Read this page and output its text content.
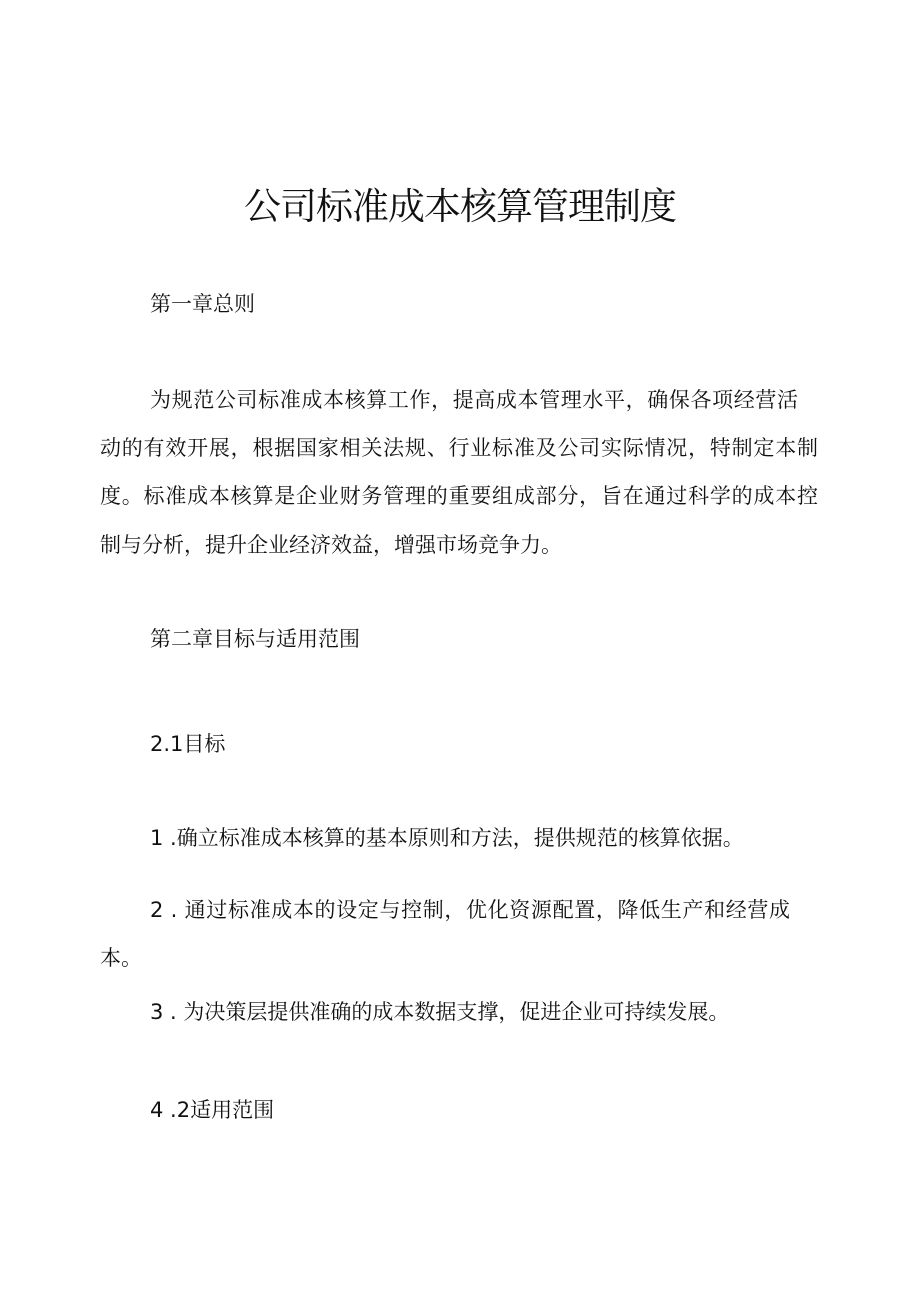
公司标准成本核算管理制度
第一章总则
为规范公司标准成本核算工作，提高成本管理水平，确保各项经营活
动的有效开展，根据国家相关法规、行业标准及公司实际情况，特制定本制
度。标准成本核算是企业财务管理的重要组成部分，旨在通过科学的成本控
制与分析，提升企业经济效益，增强市场竞争力。
第二章目标与适用范围
2.1目标
1 .确立标准成本核算的基本原则和方法，提供规范的核算依据。
2 . 通过标准成本的设定与控制，优化资源配置，降低生产和经营成
本。
3 . 为决策层提供准确的成本数据支撑，促进企业可持续发展。
4 .2适用范围
